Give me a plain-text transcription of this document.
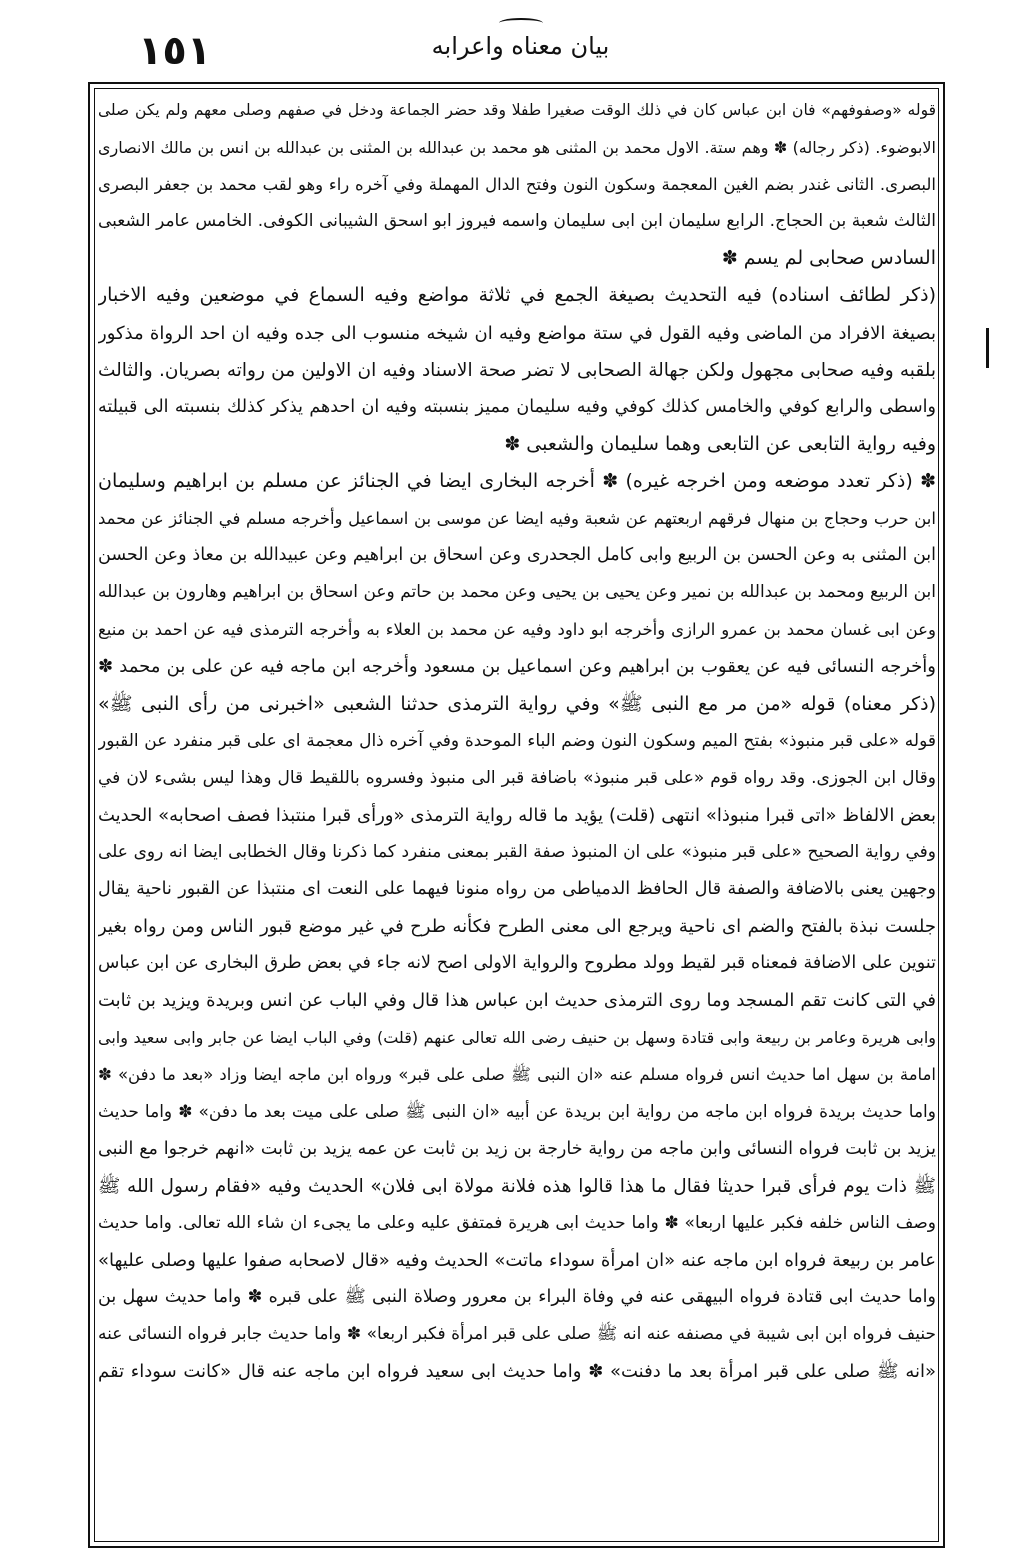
١٥١	بيان معناه واعرابه
قوله «وصفوفهم» فان ابن عباس كان في ذلك الوقت صغيرا طفلا وقد حضر الجماعة ودخل في صفهم وصلى معهم ولم يكن صلى
الابوضوء. (ذكر رجاله) ✽ وهم ستة. الاول محمد بن المثنى هو محمد بن عبدالله بن المثنى بن عبدالله بن انس بن مالك الانصارى
البصرى. الثانى غندر بضم الغين المعجمة وسكون النون وفتح الدال المهملة وفي آخره راء وهو لقب محمد بن جعفر البصرى
الثالث شعبة بن الحجاج. الرابع سليمان ابن ابى سليمان واسمه فيروز ابو اسحق الشيبانى الكوفى. الخامس عامر الشعبى
السادس صحابى لم يسم ✽
(ذكر لطائف اسناده) فيه التحديث بصيغة الجمع في ثلاثة مواضع وفيه السماع في موضعين وفيه الاخبار
بصيغة الافراد من الماضى وفيه القول في ستة مواضع وفيه ان شيخه منسوب الى جده وفيه ان احد الرواة مذكور
بلقبه وفيه صحابى مجهول ولكن جهالة الصحابى لا تضر صحة الاسناد وفيه ان الاولين من رواته بصريان. والثالث
واسطى والرابع كوفي والخامس كذلك كوفي وفيه سليمان مميز بنسبته وفيه ان احدهم يذكر كذلك بنسبته الى قبيلته
وفيه رواية التابعى عن التابعى وهما سليمان والشعبى ✽
✽ (ذكر تعدد موضعه ومن اخرجه غيره) ✽ أخرجه البخارى ايضا في الجنائز عن مسلم بن ابراهيم وسليمان
ابن حرب وحجاج بن منهال فرقهم اربعتهم عن شعبة وفيه ايضا عن موسى بن اسماعيل وأخرجه مسلم في الجنائز عن محمد
ابن المثنى به وعن الحسن بن الربيع وابى كامل الجحدرى وعن اسحاق بن ابراهيم وعن عبيدالله بن معاذ وعن الحسن
ابن الربيع ومحمد بن عبدالله بن نمير وعن يحيى بن يحيى وعن محمد بن حاتم وعن اسحاق بن ابراهيم وهارون بن عبدالله
وعن ابى غسان محمد بن عمرو الرازى وأخرجه ابو داود وفيه عن محمد بن العلاء به وأخرجه الترمذى فيه عن احمد بن منيع
وأخرجه النسائى فيه عن يعقوب بن ابراهيم وعن اسماعيل بن مسعود وأخرجه ابن ماجه فيه عن على بن محمد ✽
(ذكر معناه) قوله «من مر مع النبى ﷺ» وفي رواية الترمذى حدثنا الشعبى «اخبرنى من رأى النبى ﷺ»
قوله «على قبر منبوذ» بفتح الميم وسكون النون وضم الباء الموحدة وفي آخره ذال معجمة اى على قبر منفرد عن القبور
وقال ابن الجوزى. وقد رواه قوم «على قبر منبوذ» باضافة قبر الى منبوذ وفسروه باللقيط قال وهذا ليس بشىء لان في
بعض الالفاظ «اتى قبرا منبوذا» انتهى (قلت) يؤيد ما قاله رواية الترمذى «ورأى قبرا منتبذا فصف اصحابه» الحديث
وفي رواية الصحيح «على قبر منبوذ» على ان المنبوذ صفة القبر بمعنى منفرد كما ذكرنا وقال الخطابى ايضا انه روى على
وجهين يعنى بالاضافة والصفة قال الحافظ الدمياطى من رواه منونا فيهما على النعت اى منتبذا عن القبور ناحية يقال
جلست نبذة بالفتح والضم اى ناحية ويرجع الى معنى الطرح فكأنه طرح في غير موضع قبور الناس ومن رواه بغير
تنوين على الاضافة فمعناه قبر لقيط وولد مطروح والرواية الاولى اصح لانه جاء في بعض طرق البخارى عن ابن عباس
في التى كانت تقم المسجد وما روى الترمذى حديث ابن عباس هذا قال وفي الباب عن انس وبريدة ويزيد بن ثابت
وابى هريرة وعامر بن ربيعة وابى قتادة وسهل بن حنيف رضى الله تعالى عنهم (قلت) وفي الباب ايضا عن جابر وابى سعيد وابى
امامة بن سهل اما حديث انس فرواه مسلم عنه «ان النبى ﷺ صلى على قبر» ورواه ابن ماجه ايضا وزاد «بعد ما دفن» ✽
واما حديث بريدة فرواه ابن ماجه من رواية ابن بريدة عن أبيه «ان النبى ﷺ صلى على ميت بعد ما دفن» ✽ واما حديث
يزيد بن ثابت فرواه النسائى وابن ماجه من رواية خارجة بن زيد بن ثابت عن عمه يزيد بن ثابت «انهم خرجوا مع النبى
ﷺ ذات يوم فرأى قبرا حديثا فقال ما هذا قالوا هذه فلانة مولاة ابى فلان» الحديث وفيه «فقام رسول الله ﷺ
وصف الناس خلفه فكبر عليها اربعا» ✽ واما حديث ابى هريرة فمتفق عليه وعلى ما يجىء ان شاء الله تعالى. واما حديث
عامر بن ربيعة فرواه ابن ماجه عنه «ان امرأة سوداء ماتت» الحديث وفيه «قال لاصحابه صفوا عليها وصلى عليها»
واما حديث ابى قتادة فرواه البيهقى عنه في وفاة البراء بن معرور وصلاة النبى ﷺ على قبره ✽ واما حديث سهل بن
حنيف فرواه ابن ابى شيبة في مصنفه عنه انه ﷺ صلى على قبر امرأة فكبر اربعا» ✽ واما حديث جابر فرواه النسائى عنه
«انه ﷺ صلى على قبر امرأة بعد ما دفنت» ✽ واما حديث ابى سعيد فرواه ابن ماجه عنه قال «كانت سوداء تقم
